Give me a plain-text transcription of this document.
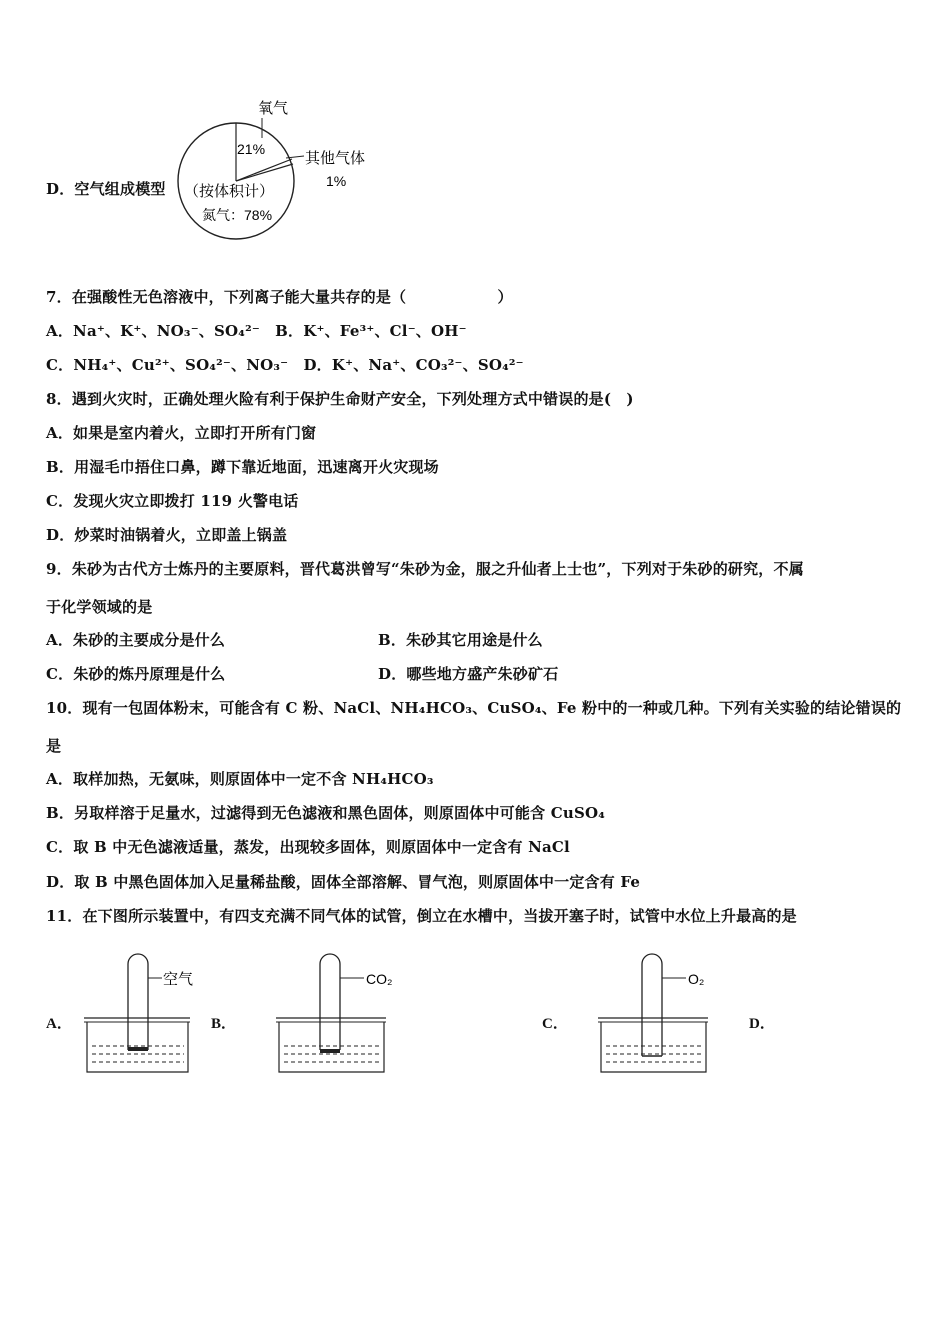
D．空气组成模型
氧气
21%
其他气体
1%
（按体积计）
氮气：78%
7．在强酸性无色溶液中，下列离子能大量共存的是（　　　　　　）
A．Na⁺、K⁺、NO₃⁻、SO₄²⁻　B．K⁺、Fe³⁺、Cl⁻、OH⁻
C．NH₄⁺、Cu²⁺、SO₄²⁻、NO₃⁻　D．K⁺、Na⁺、CO₃²⁻、SO₄²⁻
8．遇到火灾时，正确处理火险有利于保护生命财产安全，下列处理方式中错误的是(　)
A．如果是室内着火，立即打开所有门窗
B．用湿毛巾捂住口鼻，蹲下靠近地面，迅速离开火灾现场
C．发现火灾立即拨打 119 火警电话
D．炒菜时油锅着火，立即盖上锅盖
9．朱砂为古代方士炼丹的主要原料，晋代葛洪曾写“朱砂为金，服之升仙者上士也”，下列对于朱砂的研究，不属
于化学领域的是
A．朱砂的主要成分是什么	B．朱砂其它用途是什么
C．朱砂的炼丹原理是什么	D．哪些地方盛产朱砂矿石
10．现有一包固体粉末，可能含有 C 粉、NaCl、NH₄HCO₃、CuSO₄、Fe 粉中的一种或几种。下列有关实验的结论错误的
是
A．取样加热，无氨味，则原固体中一定不含 NH₄HCO₃
B．另取样溶于足量水，过滤得到无色滤液和黑色固体，则原固体中可能含 CuSO₄
C．取 B 中无色滤液适量，蒸发，出现较多固体，则原固体中一定含有 NaCl
D．取 B 中黑色固体加入足量稀盐酸，固体全部溶解、冒气泡，则原固体中一定含有 Fe
11．在下图所示装置中，有四支充满不同气体的试管，倒立在水槽中，当拔开塞子时，试管中水位上升最高的是
A．	B．	C．	D．
空气	CO₂	O₂
